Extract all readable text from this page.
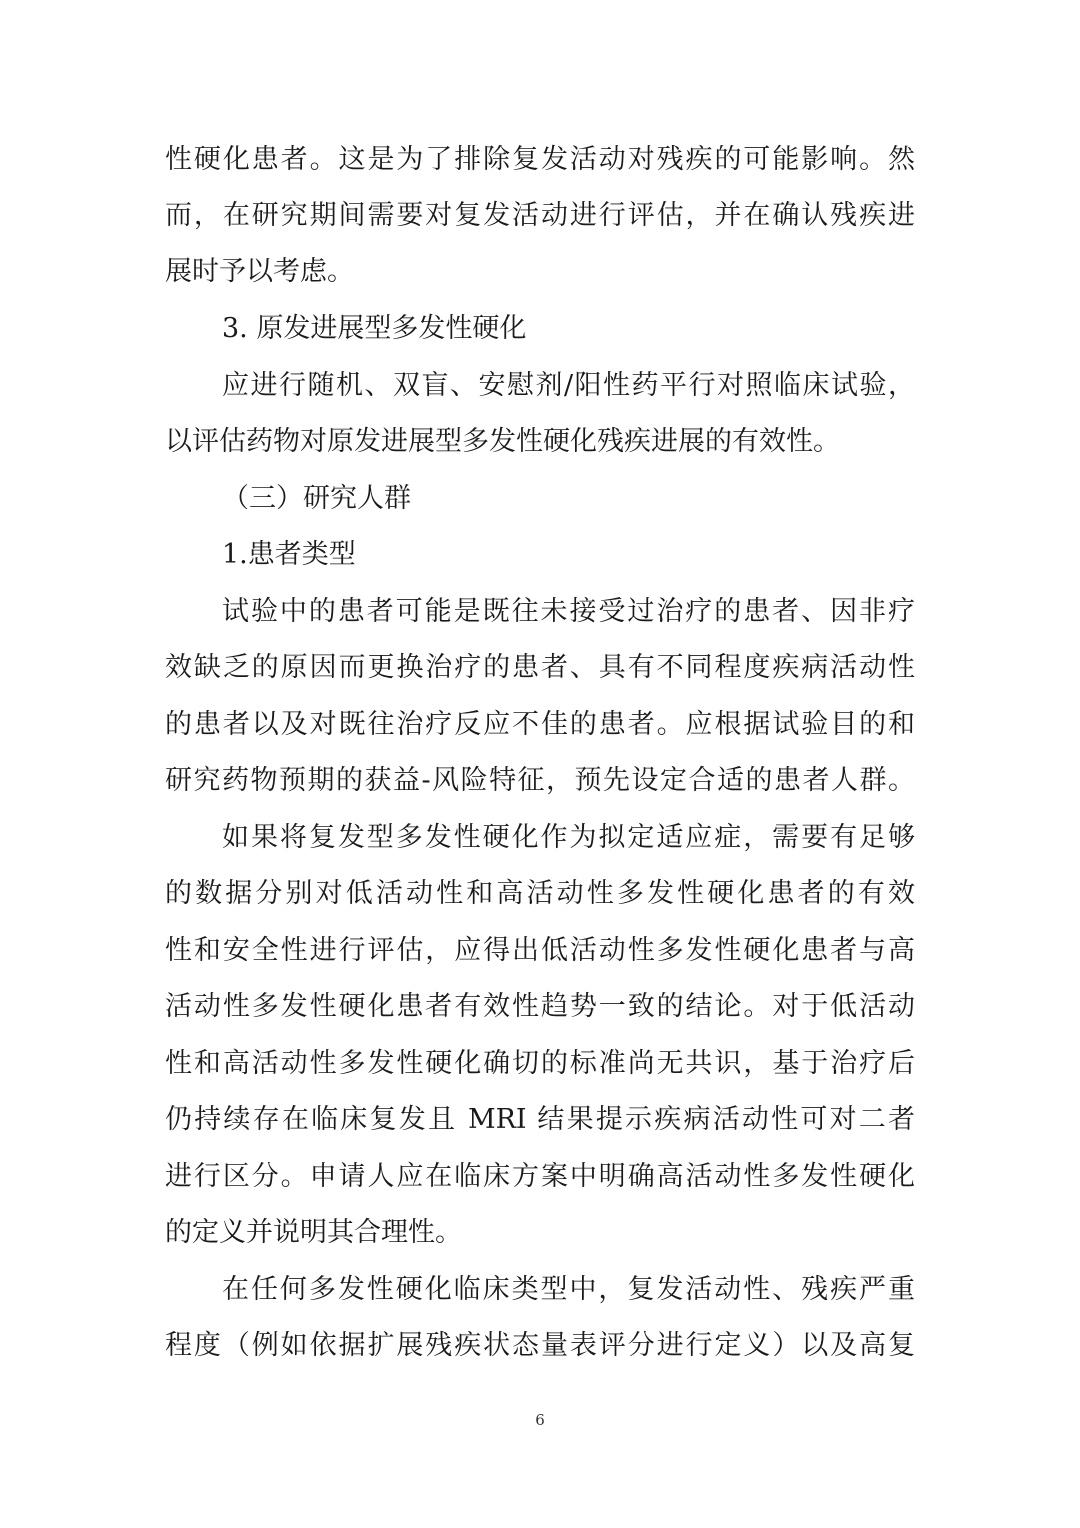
性硬化患者。这是为了排除复发活动对残疾的可能影响。然
而，在研究期间需要对复发活动进行评估，并在确认残疾进
展时予以考虑。
3. 原发进展型多发性硬化
应进行随机、双盲、安慰剂/阳性药平行对照临床试验，
以评估药物对原发进展型多发性硬化残疾进展的有效性。
（三）研究人群
1.患者类型
试验中的患者可能是既往未接受过治疗的患者、因非疗
效缺乏的原因而更换治疗的患者、具有不同程度疾病活动性
的患者以及对既往治疗反应不佳的患者。应根据试验目的和
研究药物预期的获益-风险特征，预先设定合适的患者人群。
如果将复发型多发性硬化作为拟定适应症，需要有足够
的数据分别对低活动性和高活动性多发性硬化患者的有效
性和安全性进行评估，应得出低活动性多发性硬化患者与高
活动性多发性硬化患者有效性趋势一致的结论。对于低活动
性和高活动性多发性硬化确切的标准尚无共识，基于治疗后
仍持续存在临床复发且 MRI 结果提示疾病活动性可对二者
进行区分。申请人应在临床方案中明确高活动性多发性硬化
的定义并说明其合理性。
在任何多发性硬化临床类型中，复发活动性、残疾严重
程度（例如依据扩展残疾状态量表评分进行定义）以及高复
6
